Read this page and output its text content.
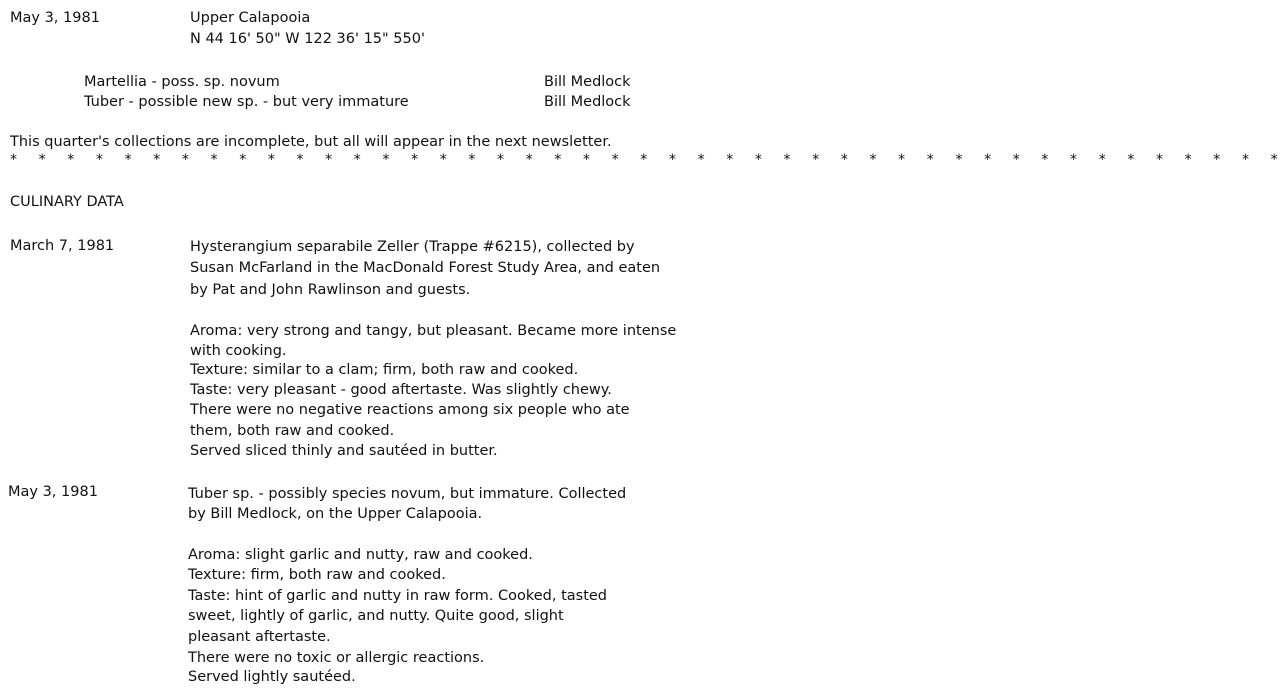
May 3, 1981	Upper Calapooia
N 44 16' 50" W 122 36' 15" 550'
Martellia - poss. sp. novum	Bill Medlock
Tuber - possible new sp. - but very immature	Bill Medlock
This quarter's collections are incomplete, but all will appear in the next newsletter.
* * * * * * * * * * * * * * * * * * * * * * * * * * * * * * * * * * * * * * * * * * * * *
CULINARY DATA
March 7, 1981	Hysterangium separabile Zeller (Trappe #6215), collected by
Susan McFarland in the MacDonald Forest Study Area, and eaten
by Pat and John Rawlinson and guests.
Aroma: very strong and tangy, but pleasant. Became more intense
with cooking.
Texture: similar to a clam; firm, both raw and cooked.
Taste: very pleasant - good aftertaste. Was slightly chewy.
There were no negative reactions among six people who ate
them, both raw and cooked.
Served sliced thinly and sautéed in butter.
May 3, 1981	Tuber sp. - possibly species novum, but immature. Collected
by Bill Medlock, on the Upper Calapooia.
Aroma: slight garlic and nutty, raw and cooked.
Texture: firm, both raw and cooked.
Taste: hint of garlic and nutty in raw form. Cooked, tasted
sweet, lightly of garlic, and nutty. Quite good, slight
pleasant aftertaste.
There were no toxic or allergic reactions.
Served lightly sautéed.
